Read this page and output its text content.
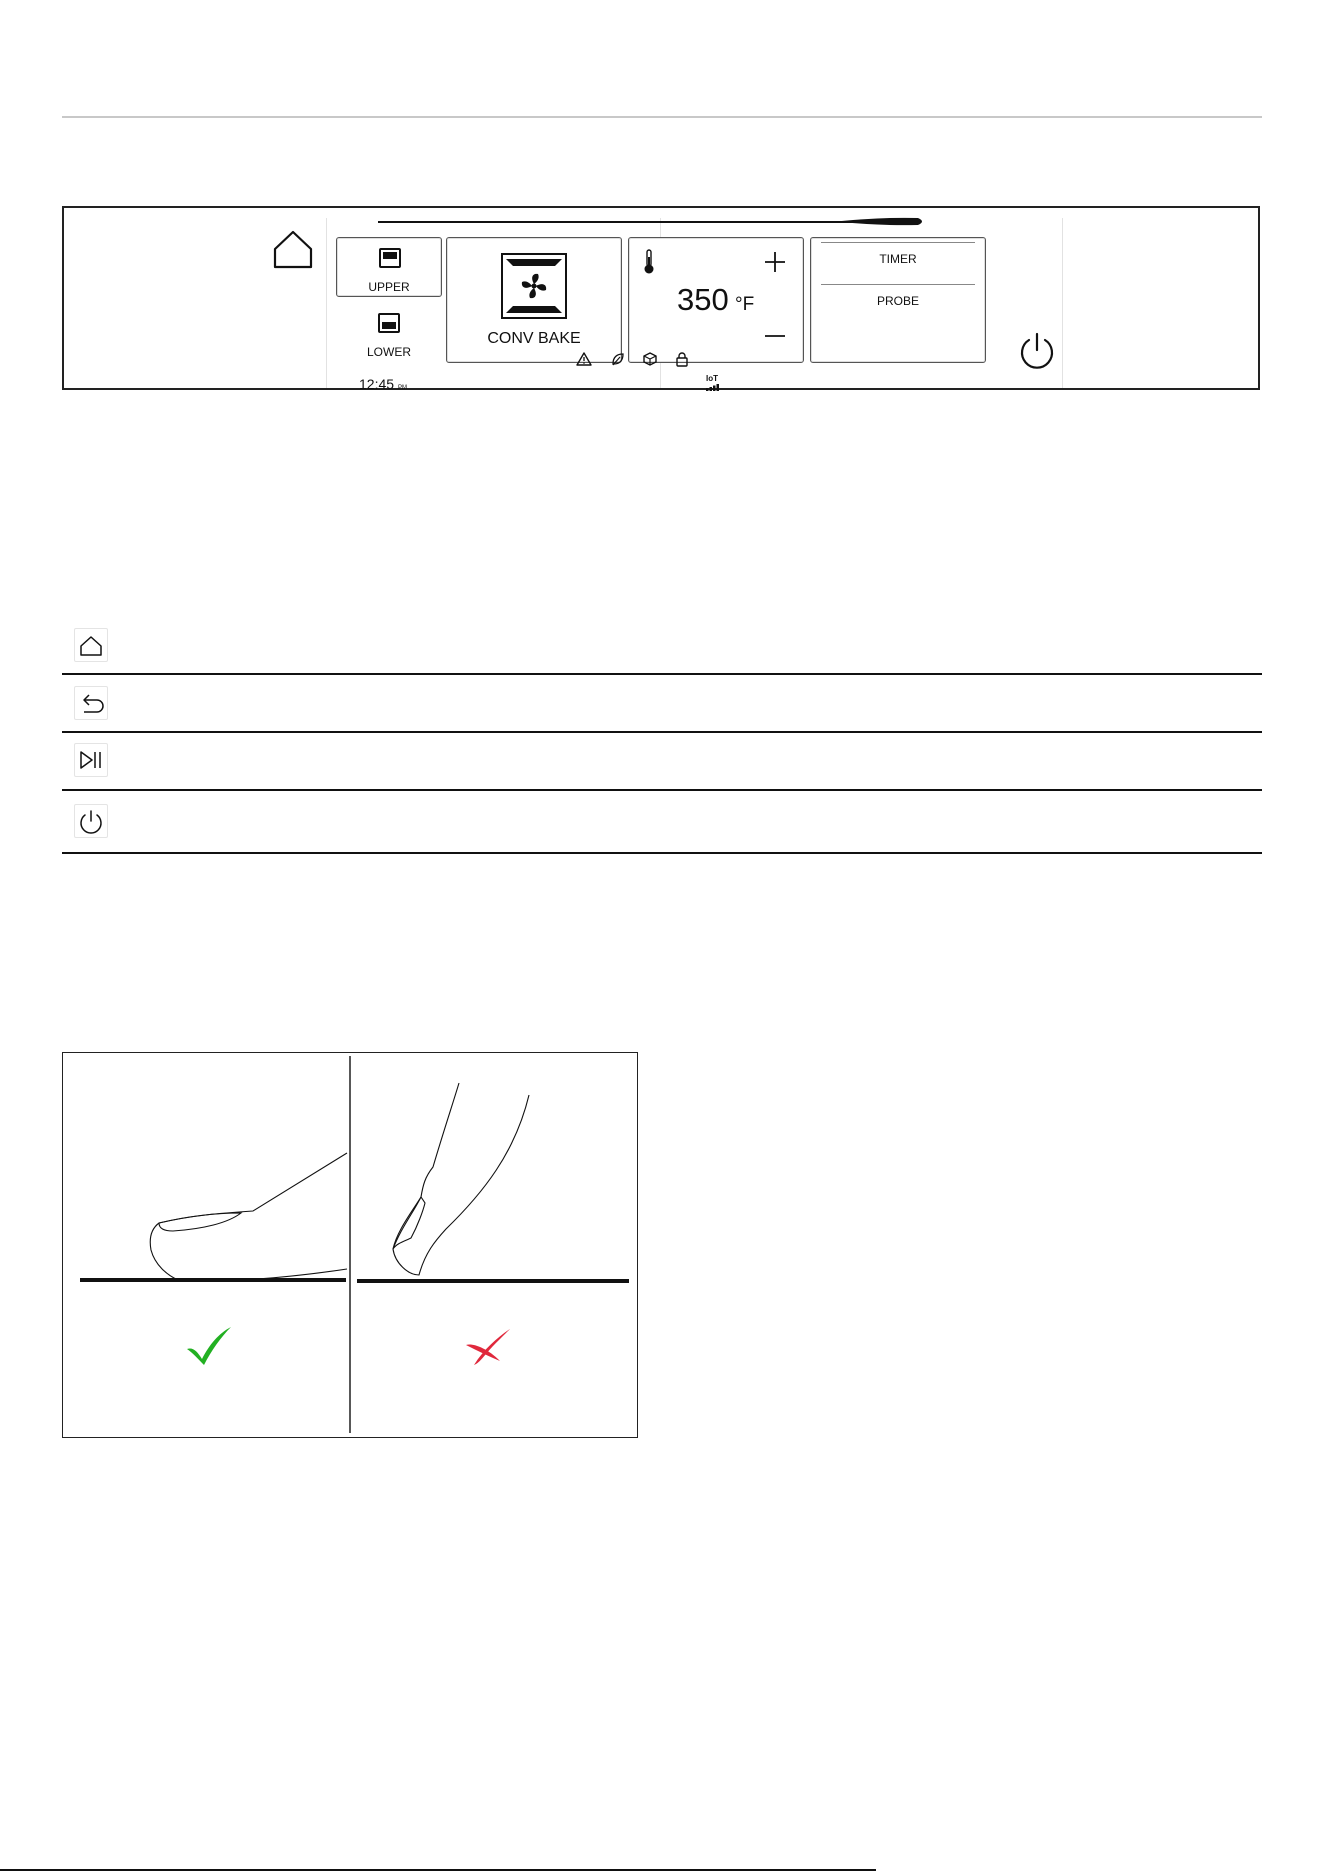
UPPER
LOWER
CONV BAKE
350 °F
TIMER
PROBE
12:45 PM
IoT
